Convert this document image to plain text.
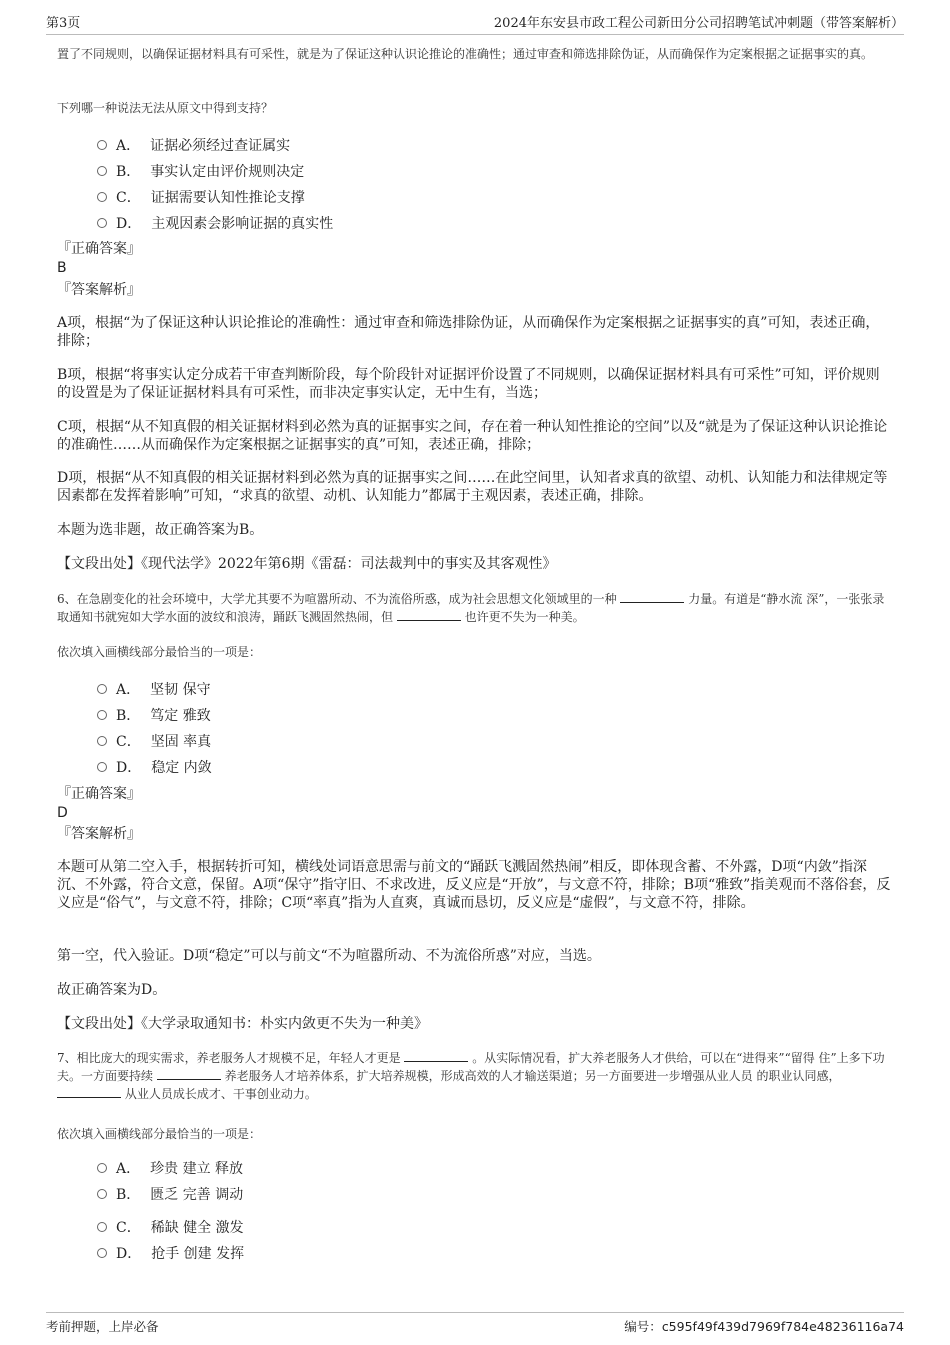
第3页	2024年东安县市政工程公司新田分公司招聘笔试冲刺题（带答案解析）
置了不同规则，以确保证据材料具有可采性，就是为了保证这种认识论推论的准确性；通过审查和筛选排除伪证，从而确保作为定案根据之证据事实的真。
下列哪一种说法无法从原文中得到支持？
A． 证据必须经过查证属实
B． 事实认定由评价规则决定
C． 证据需要认知性推论支撑
D． 主观因素会影响证据的真实性
『正确答案』
B
『答案解析』
A项，根据“为了保证这种认识论推论的准确性：通过审查和筛选排除伪证，从而确保作为定案根据之证据事实的真”可知，表述正确，排除；
B项，根据“将事实认定分成若干审查判断阶段，每个阶段针对证据评价设置了不同规则，以确保证据材料具有可采性”可知，评价规则的设置是为了保证证据材料具有可采性，而非决定事实认定，无中生有，当选；
C项，根据“从不知真假的相关证据材料到必然为真的证据事实之间，存在着一种认知性推论的空间”以及“就是为了保证这种认识论推论的准确性……从而确保作为定案根据之证据事实的真”可知，表述正确，排除；
D项，根据“从不知真假的相关证据材料到必然为真的证据事实之间……在此空间里，认知者求真的欲望、动机、认知能力和法律规定等因素都在发挥着影响”可知，“求真的欲望、动机、认知能力”都属于主观因素，表述正确，排除。
本题为选非题，故正确答案为B。
【文段出处】《现代法学》2022年第6期《雷磊：司法裁判中的事实及其客观性》
6、在急剧变化的社会环境中，大学尤其要不为喧嚣所动、不为流俗所惑，成为社会思想文化领域里的一种	力量。有道是“静水流 深”，一张张录取通知书就宛如大学水面的波纹和浪涛，踊跃飞溅固然热闹，但	也许更不失为一种美。
依次填入画横线部分最恰当的一项是：
A． 坚韧 保守
B． 笃定 雅致
C． 坚固 率真
D． 稳定 内敛
『正确答案』
D
『答案解析』
本题可从第二空入手，根据转折可知，横线处词语意思需与前文的“踊跃飞溅固然热闹”相反，即体现含蓄、不外露，D项“内敛”指深沉、不外露，符合文意，保留。A项“保守”指守旧、不求改进，反义应是“开放”，与文意不符，排除；B项“雅致”指美观而不落俗套，反义应是“俗气”，与文意不符，排除；C项“率真”指为人直爽，真诚而恳切，反义应是“虚假”，与文意不符，排除。
第一空，代入验证。D项“稳定”可以与前文“不为喧嚣所动、不为流俗所惑”对应，当选。
故正确答案为D。
【文段出处】《大学录取通知书：朴实内敛更不失为一种美》
7、相比庞大的现实需求，养老服务人才规模不足，年轻人才更是	。从实际情况看，扩大养老服务人才供给，可以在“进得来”“留得 住”上多下功夫。一方面要持续	养老服务人才培养体系，扩大培养规模，形成高效的人才输送渠道；另一方面要进一步增强从业人员 的职业认同感，  从业人员成长成才、干事创业动力。
依次填入画横线部分最恰当的一项是：
A． 珍贵 建立 释放
B． 匮乏 完善 调动
C． 稀缺 健全 激发
D． 抢手 创建 发挥
考前押题，上岸必备	编号：c595f49f439d7969f784e48236116a74
